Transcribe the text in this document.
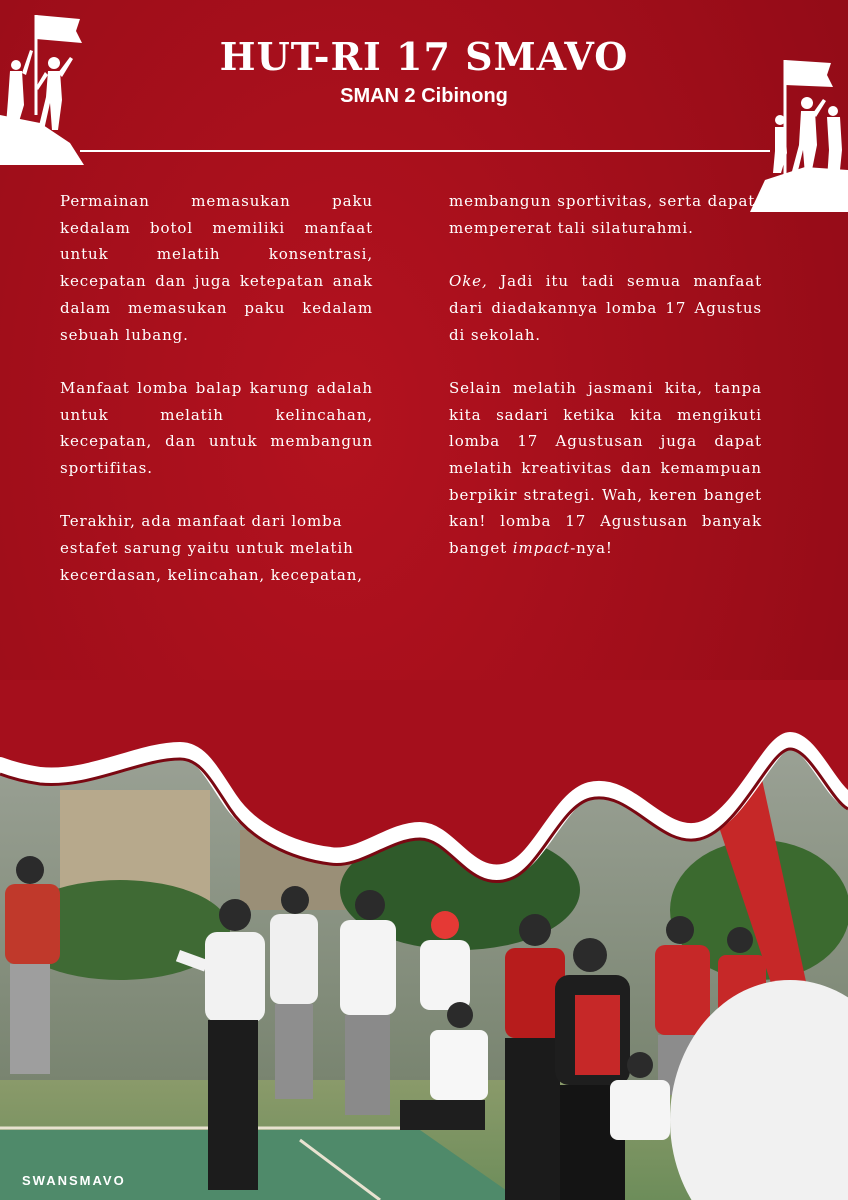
HUT-RI 17 SMAVO
SMAN 2 Cibinong

Permainan memasukan paku kedalam botol memiliki manfaat untuk melatih konsentrasi, kecepatan dan juga ketepatan anak dalam memasukan paku kedalam sebuah lubang.

Manfaat lomba balap karung adalah untuk melatih kelincahan, kecepatan, dan untuk membangun sportifitas.

Terakhir, ada manfaat dari lomba estafet sarung yaitu untuk melatih kecerdasan, kelincahan, kecepatan,

membangun sportivitas, serta dapat mempererat tali silaturahmi.

Oke, Jadi itu tadi semua manfaat dari diadakannya lomba 17 Agustus di sekolah.

Selain melatih jasmani kita, tanpa kita sadari ketika kita mengikuti lomba 17 Agustusan juga dapat melatih kreativitas dan kemampuan berpikir strategi. Wah, keren banget kan! lomba 17 Agustusan banyak banget impact-nya!

SWANSMAVO
